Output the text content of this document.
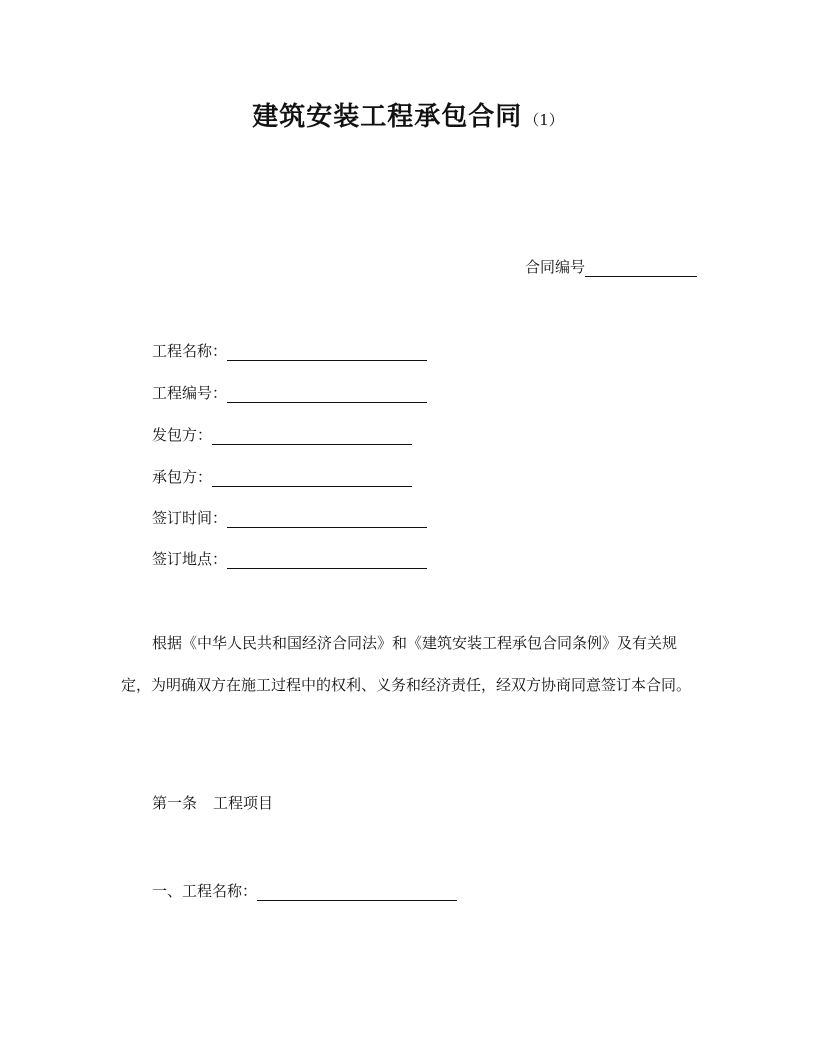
建筑安装工程承包合同 （1）
合同编号
工程名称：
工程编号：
发包方：
承包方：
签订时间：
签订地点：

根据《中华人民共和国经济合同法》和《建筑安装工程承包合同条例》及有关规定，为明确双方在施工过程中的权利、义务和经济责任，经双方协商同意签订本合同。

第一条 工程项目
一、工程名称：
